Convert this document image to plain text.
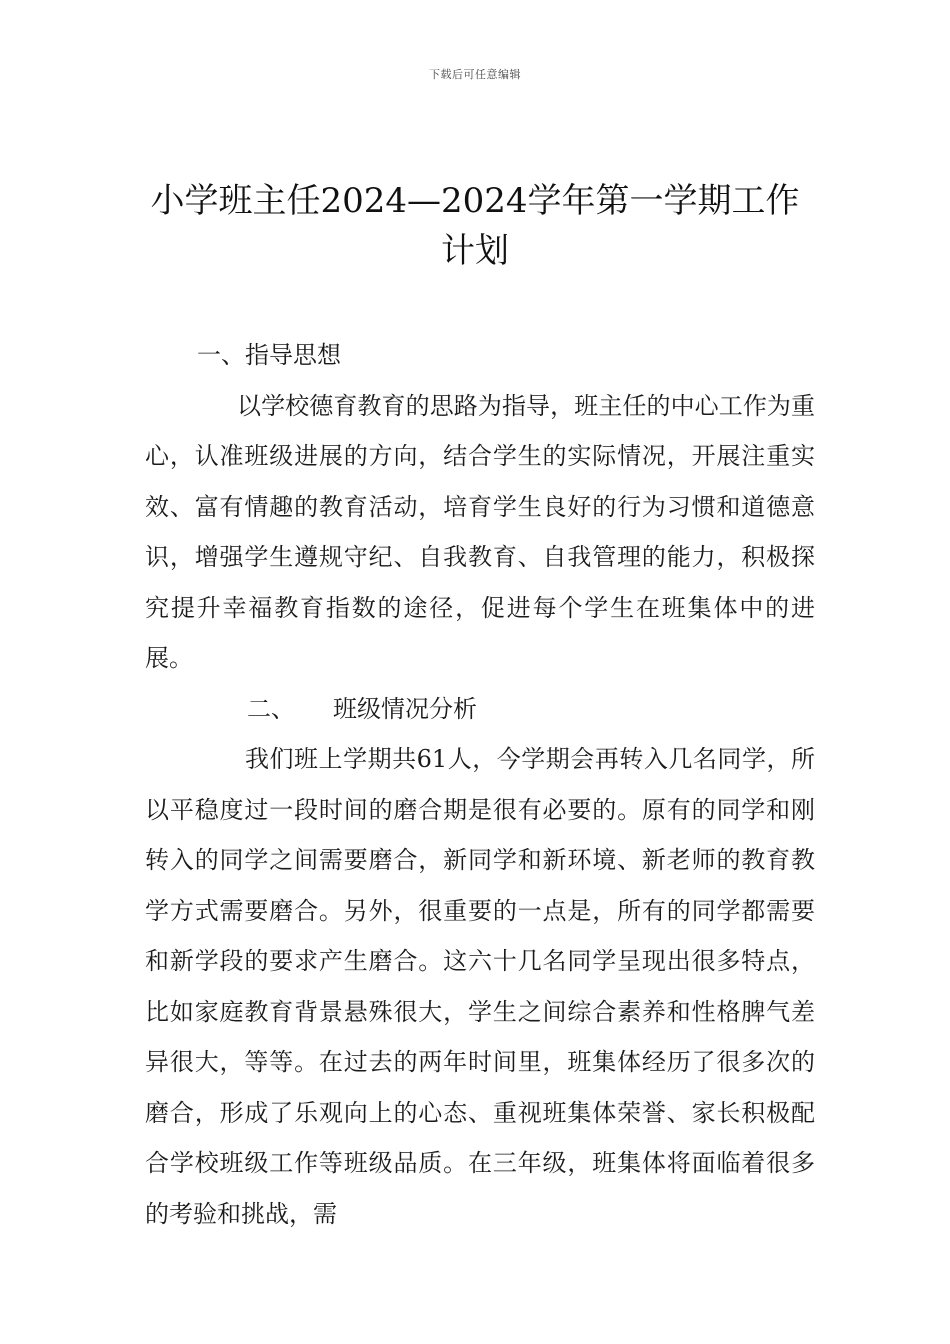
下载后可任意编辑
小学班主任2024—2024学年第一学期工作
计划

一、指导思想

以学校德育教育的思路为指导，班主任的中心工作为重心，认准班级进展的方向，结合学生的实际情况，开展注重实效、富有情趣的教育活动，培育学生良好的行为习惯和道德意识，增强学生遵规守纪、自我教育、自我管理的能力，积极探究提升幸福教育指数的途径，促进每个学生在班集体中的进展。

二、 班级情况分析

我们班上学期共61人，今学期会再转入几名同学，所以平稳度过一段时间的磨合期是很有必要的。原有的同学和刚转入的同学之间需要磨合，新同学和新环境、新老师的教育教学方式需要磨合。另外，很重要的一点是，所有的同学都需要和新学段的要求产生磨合。这六十几名同学呈现出很多特点，比如家庭教育背景悬殊很大，学生之间综合素养和性格脾气差异很大，等等。在过去的两年时间里，班集体经历了很多次的磨合，形成了乐观向上的心态、重视班集体荣誉、家长积极配合学校班级工作等班级品质。在三年级，班集体将面临着很多的考验和挑战，需
